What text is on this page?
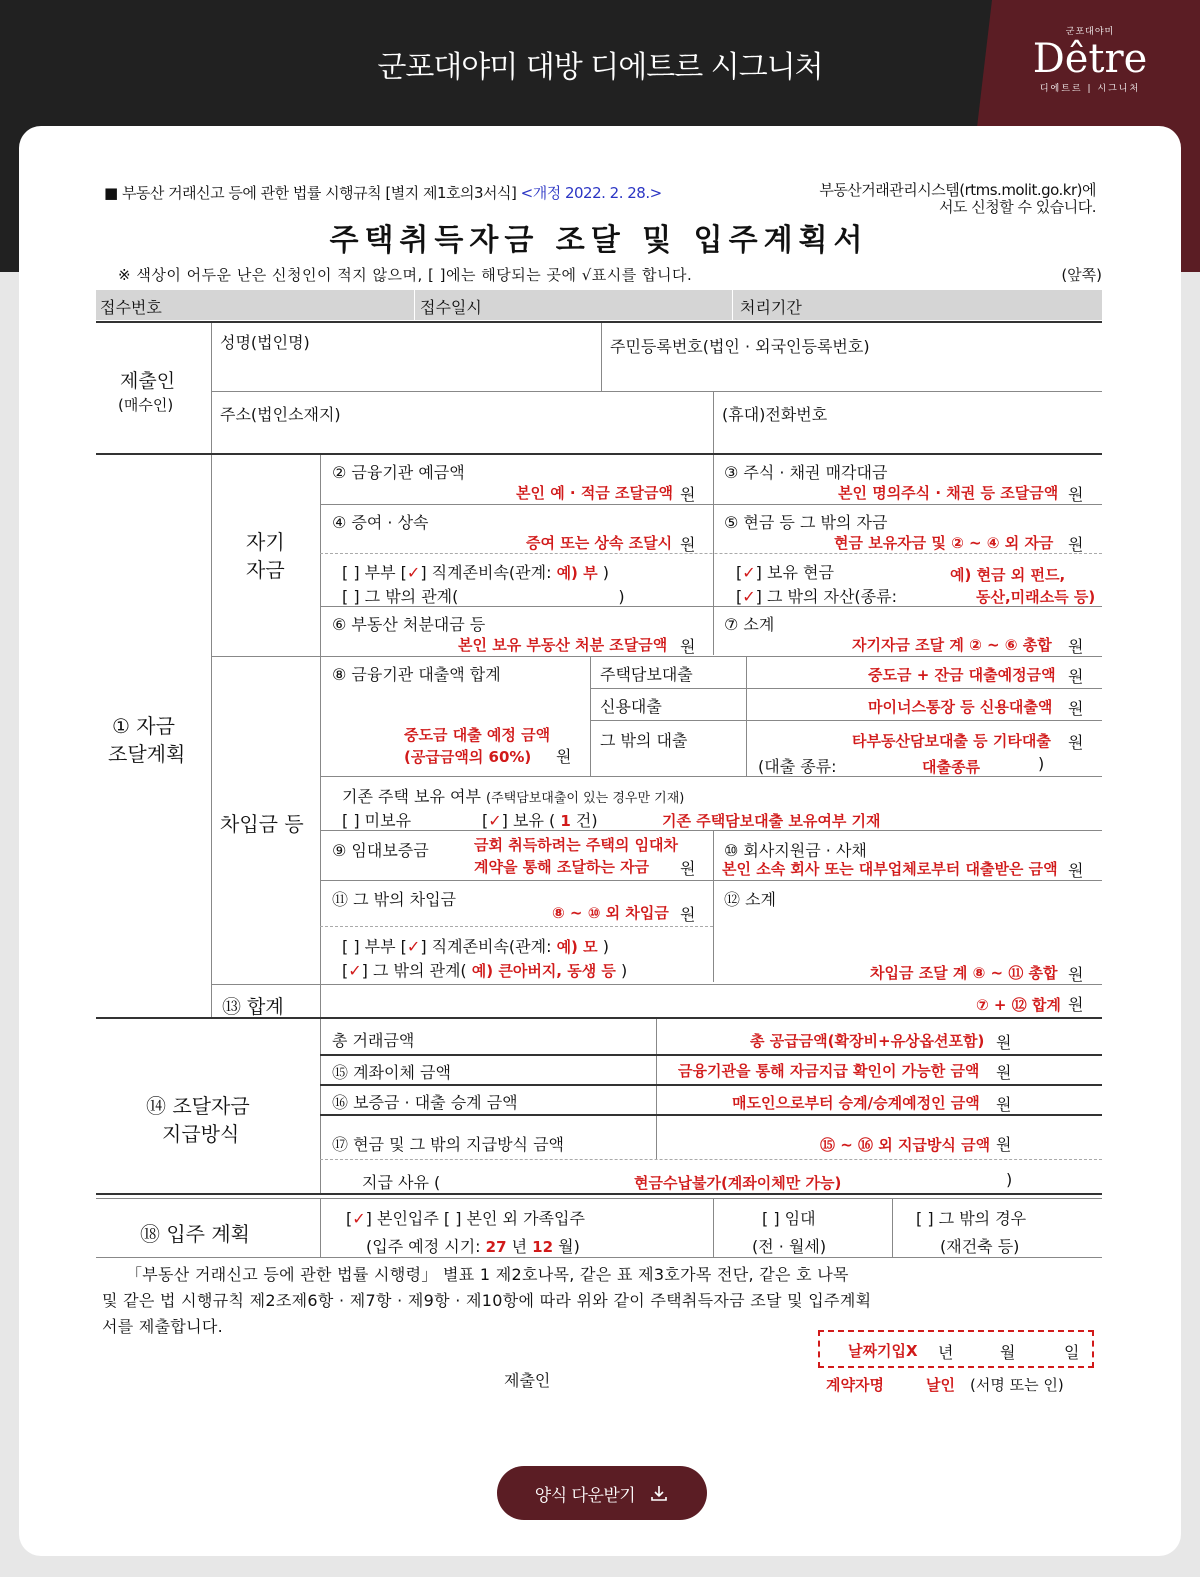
군포대야미 대방 디에트르 시그니처
군포대야미
Dêtre
디에트르 | 시그니처
■ 부동산 거래신고 등에 관한 법률 시행규칙 [별지 제1호의3서식] <개정 2022. 2. 28.>	부동산거래관리시스템(rtms.molit.go.kr)에
서도 신청할 수 있습니다.
주택취득자금 조달 및 입주계획서
※ 색상이 어두운 난은 신청인이 적지 않으며, [ ]에는 해당되는 곳에 √표시를 합니다.	(앞쪽)
접수번호	접수일시	처리기간
제출인
(매수인)
성명(법인명)	주민등록번호(법인 · 외국인등록번호)
주소(법인소재지)	(휴대)전화번호
① 자금
조달계획
자기
자금
② 금융기관 예금액
본인 예 · 적금 조달금액 원
③ 주식 · 채권 매각대금
본인 명의주식 · 채권 등 조달금액 원
④ 증여 · 상속
증여 또는 상속 조달시 원
⑤ 현금 등 그 밖의 자금
현금 보유자금 및 ② ~ ④ 외 자금 원
[ ] 부부 [✓] 직계존비속(관계: 예) 부 )
[ ] 그 밖의 관계(	)
[✓] 보유 현금	예) 현금 외 펀드,
[✓] 그 밖의 자산(종류:	동산,미래소득 등)
⑥ 부동산 처분대금 등
본인 보유 부동산 처분 조달금액 원
⑦ 소계
자기자금 조달 계 ② ~ ⑥ 총합 원
차입금 등
⑧ 금융기관 대출액 합계
중도금 대출 예정 금액
(공급금액의 60%) 원
주택담보대출	중도금 + 잔금 대출예정금액 원
신용대출	마이너스통장 등 신용대출액 원
그 밖의 대출	타부동산담보대출 등 기타대출 원
(대출 종류:	대출종류	)
기존 주택 보유 여부 (주택담보대출이 있는 경우만 기재)
[ ] 미보유	[✓] 보유 ( 1 건)	기존 주택담보대출 보유여부 기재
⑨ 임대보증금	금회 취득하려는 주택의 임대차
계약을 통해 조달하는 자금 원
⑩ 회사지원금 · 사채
본인 소속 회사 또는 대부업체로부터 대출받은 금액 원
⑪ 그 밖의 차입금
⑧ ~ ⑩ 외 차입금 원
⑫ 소계
[ ] 부부 [✓] 직계존비속(관계: 예) 모 )
[✓] 그 밖의 관계( 예) 큰아버지, 동생 등 )	차입금 조달 계 ⑧ ~ ⑪ 총합 원
⑬ 합계	⑦ + ⑫ 합계 원
⑭ 조달자금
지급방식
총 거래금액	총 공급금액(확장비+유상옵션포함) 원
⑮ 계좌이체 금액	금융기관을 통해 자금지급 확인이 가능한 금액 원
⑯ 보증금 · 대출 승계 금액	매도인으로부터 승계/승계예정인 금액 원
⑰ 현금 및 그 밖의 지급방식 금액	⑮ ~ ⑯ 외 지급방식 금액 원
지급 사유 (	현금수납불가(계좌이체만 가능)	)
⑱ 입주 계획
[✓] 본인입주 [ ] 본인 외 가족입주
(입주 예정 시기: 27 년 12 월)
[ ] 임대
(전 · 월세)
[ ] 그 밖의 경우
(재건축 등)
「부동산 거래신고 등에 관한 법률 시행령」 별표 1 제2호나목, 같은 표 제3호가목 전단, 같은 호 나목
및 같은 법 시행규칙 제2조제6항 · 제7항 · 제9항 · 제10항에 따라 위와 같이 주택취득자금 조달 및 입주계획
서를 제출합니다.
날짜기입X 년	월	일
제출인	계약자명	날인 (서명 또는 인)
양식 다운받기
